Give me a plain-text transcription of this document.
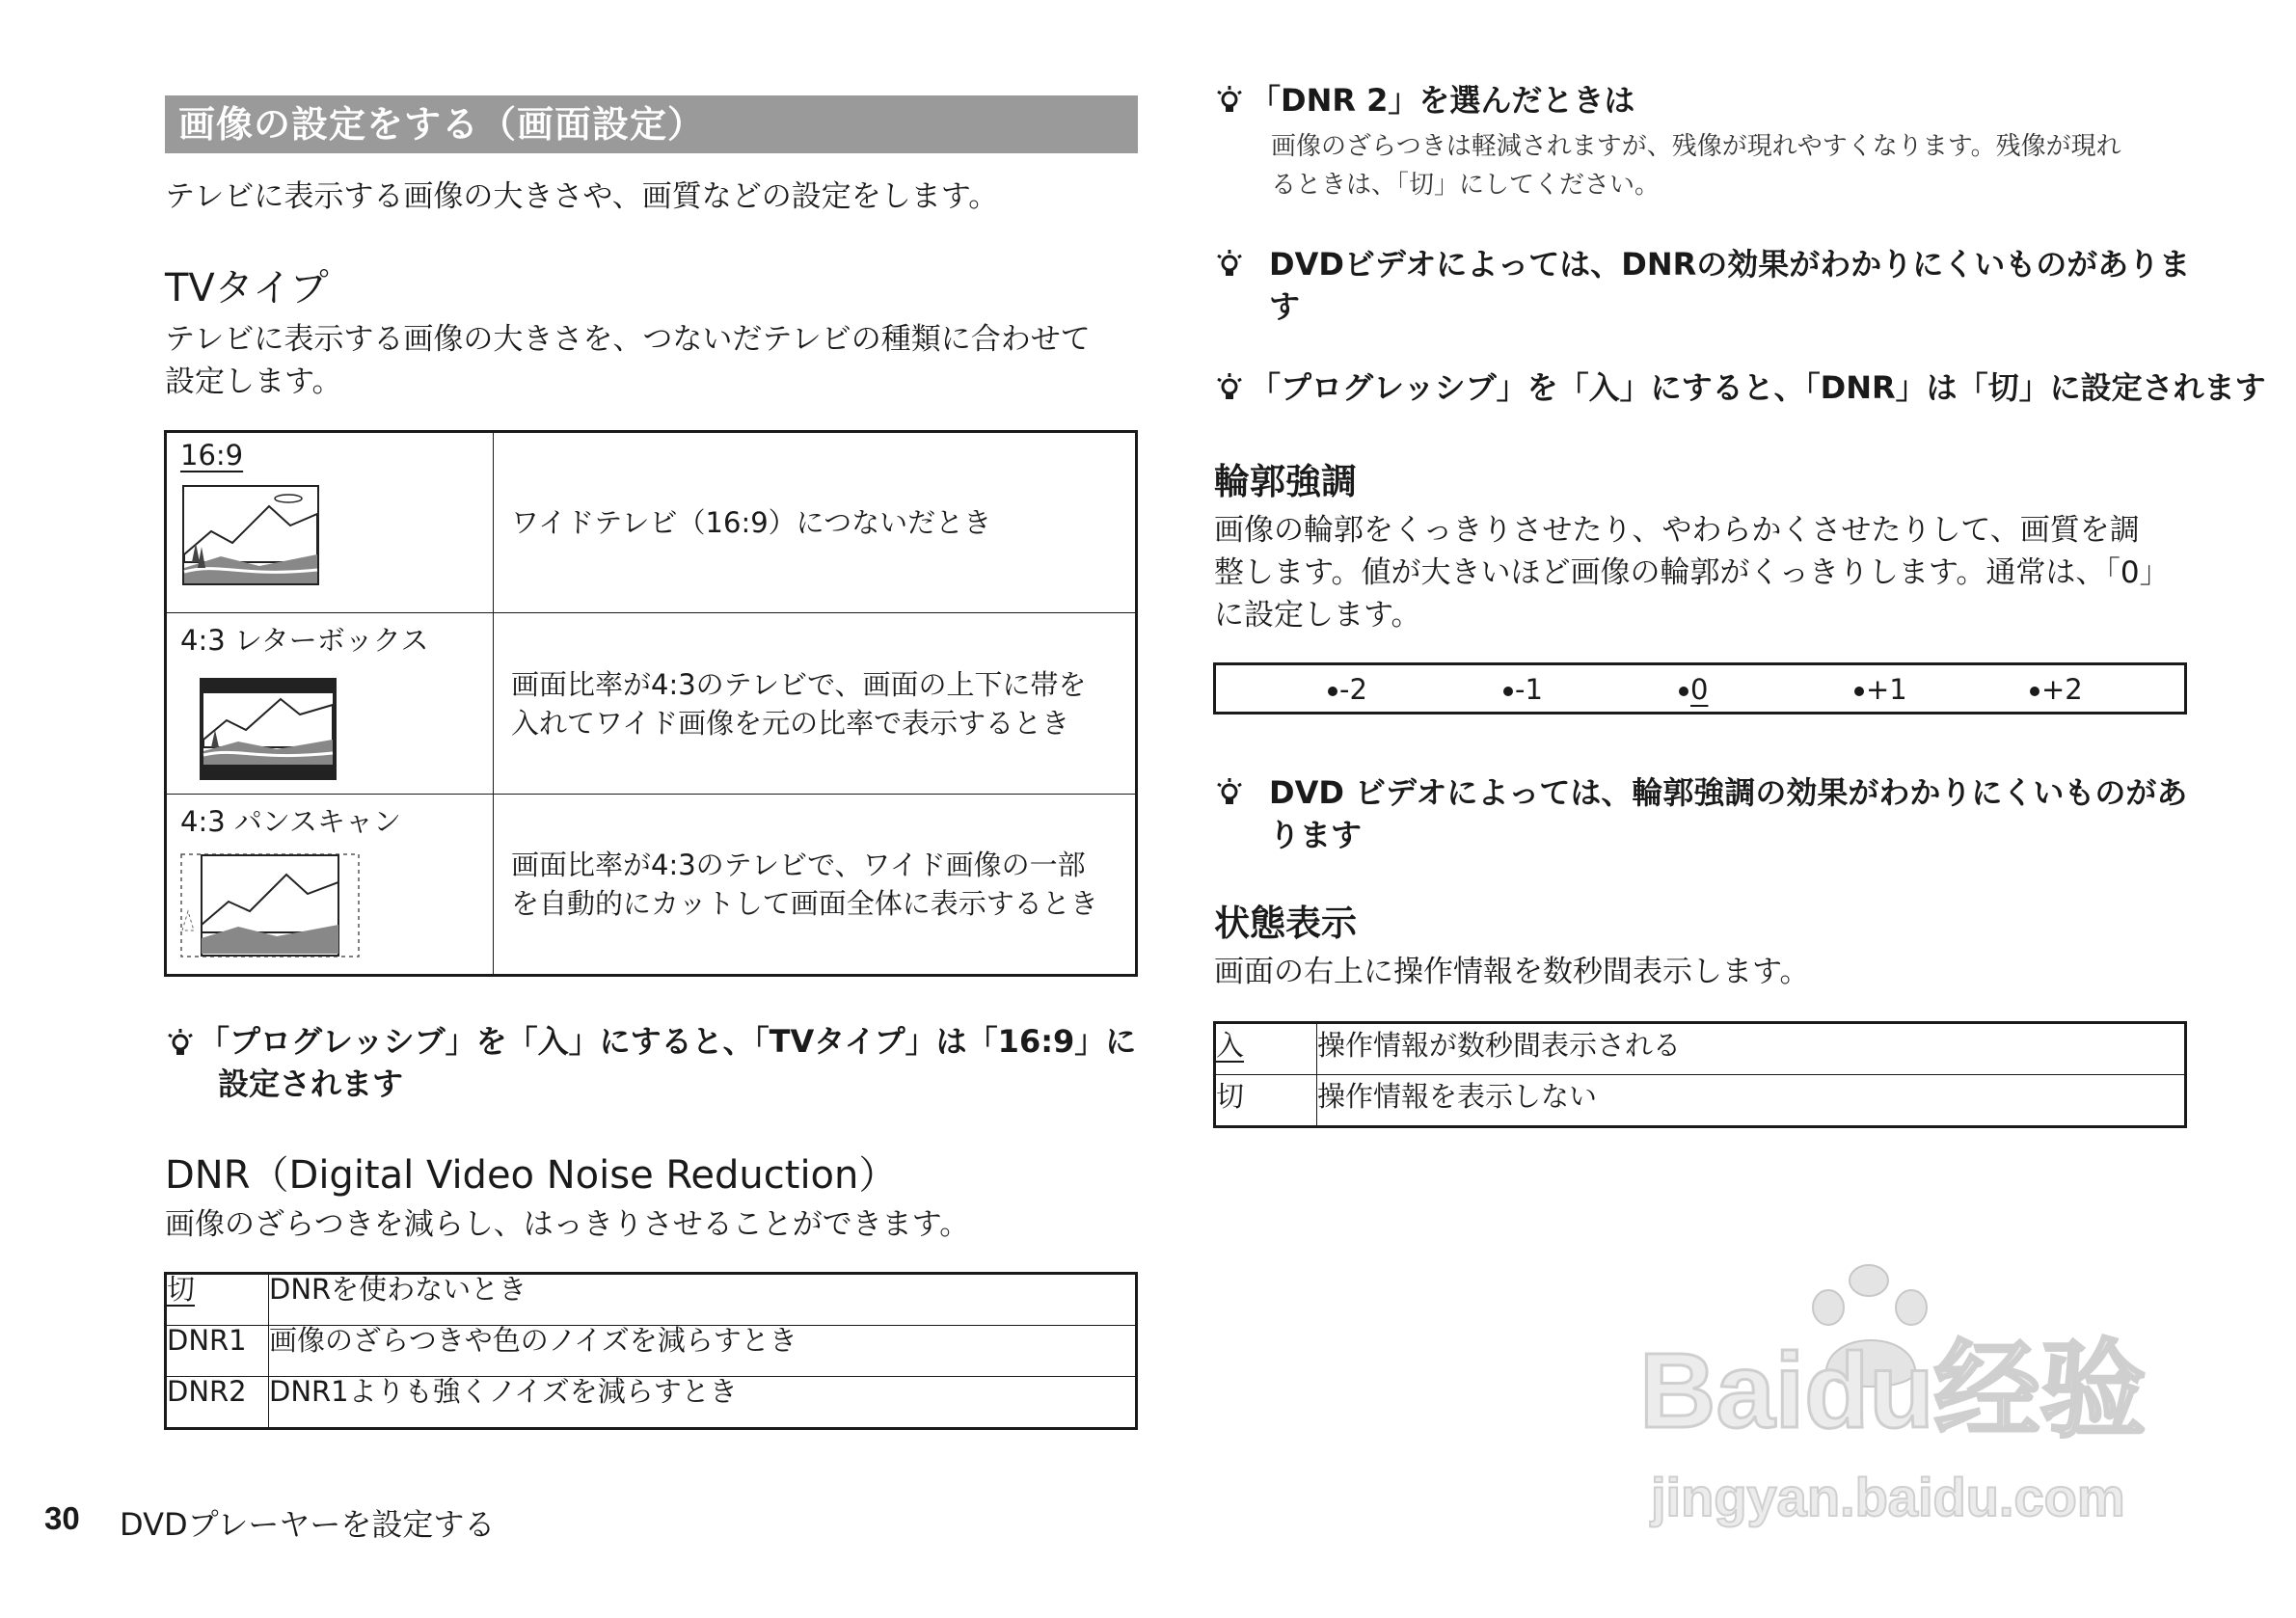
画像の設定をする（画面設定）
テレビに表示する画像の大きさや、画質などの設定をします。
TVタイプ
テレビに表示する画像の大きさを、つないだテレビの種類に合わせて
設定します。
16:9	ワイドテレビ（16:9）につないだとき

4:3 レターボックス	画面比率が4:3のテレビで、画面の上下に帯を
入れてワイド画像を元の比率で表示するとき

4:3 パンスキャン	画面比率が4:3のテレビで、ワイド画像の一部
を自動的にカットして画面全体に表示するとき
「プログレッシブ」を「入」にすると、「TVタイプ」は「16:9」に
設定されます
DNR（Digital Video Noise Reduction）
画像のざらつきを減らし、はっきりさせることができます。
切	DNRを使わないとき
DNR1	画像のざらつきや色のノイズを減らすとき
DNR2	DNR1よりも強くノイズを減らすとき
「DNR 2」を選んだときは
画像のざらつきは軽減されますが、残像が現れやすくなります。残像が現れ
るときは、「切」にしてください。
DVDビデオによっては、DNRの効果がわかりにくいものがありま
す
「プログレッシブ」を「入」にすると、「DNR」は「切」に設定されます
輪郭強調
画像の輪郭をくっきりさせたり、やわらかくさせたりして、画質を調
整します。値が大きいほど画像の輪郭がくっきりします。通常は、「0」
に設定します。
-2	-1	0	+1	+2
DVD ビデオによっては、輪郭強調の効果がわかりにくいものがあ
ります
状態表示
画面の右上に操作情報を数秒間表示します。
入	操作情報が数秒間表示される
切	操作情報を表示しない
30 DVDプレーヤーを設定する
Baidu经验
jingyan.baidu.com
